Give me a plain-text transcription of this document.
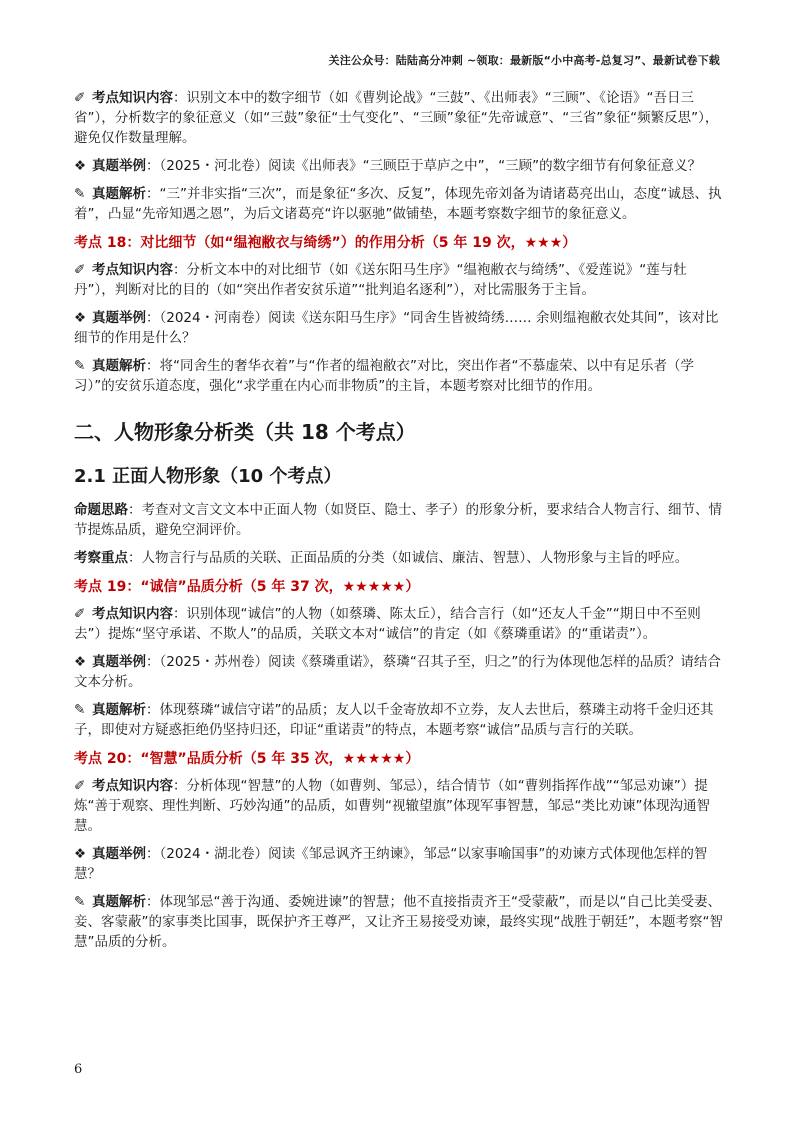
关注公众号：陆陆高分冲刺 ~领取：最新版“小中高考-总复习”、最新试卷下载

✐ 考点知识内容：识别文本中的数字细节（如《曹刿论战》“三鼓”、《出师表》“三顾”、《论语》“吾日三省”），分析数字的象征意义（如“三鼓”象征“士气变化”、“三顾”象征“先帝诚意”、“三省”象征“频繁反思”），避免仅作数量理解。

❖ 真题举例：（2025・河北卷）阅读《出师表》“三顾臣于草庐之中”，“三顾”的数字细节有何象征意义？

✎ 真题解析：“三”并非实指“三次”，而是象征“多次、反复”，体现先帝刘备为请诸葛亮出山，态度“诚恳、执着”，凸显“先帝知遇之恩”，为后文诸葛亮“许以驱驰”做铺垫，本题考察数字细节的象征意义。

考点 18：对比细节（如“缊袍敝衣与绮绣”）的作用分析（5 年 19 次，★★★）

✐ 考点知识内容：分析文本中的对比细节（如《送东阳马生序》“缊袍敝衣与绮绣”、《爱莲说》“莲与牡丹”），判断对比的目的（如“突出作者安贫乐道”“批判追名逐利”），对比需服务于主旨。

❖ 真题举例：（2024・河南卷）阅读《送东阳马生序》“同舍生皆被绮绣…… 余则缊袍敝衣处其间”，该对比细节的作用是什么？

✎ 真题解析：将“同舍生的奢华衣着”与“作者的缊袍敝衣”对比，突出作者“不慕虚荣、以中有足乐者（学习）”的安贫乐道态度，强化“求学重在内心而非物质”的主旨，本题考察对比细节的作用。

二、人物形象分析类（共 18 个考点）
2.1 正面人物形象（10 个考点）

命题思路：考查对文言文文本中正面人物（如贤臣、隐士、孝子）的形象分析，要求结合人物言行、细节、情节提炼品质，避免空洞评价。

考察重点：人物言行与品质的关联、正面品质的分类（如诚信、廉洁、智慧）、人物形象与主旨的呼应。

考点 19：“诚信”品质分析（5 年 37 次，★★★★★）

✐ 考点知识内容：识别体现“诚信”的人物（如蔡璘、陈太丘），结合言行（如“还友人千金”“期日中不至则去”）提炼“坚守承诺、不欺人”的品质，关联文本对“诚信”的肯定（如《蔡璘重诺》的“重诺责”）。

❖ 真题举例：（2025・苏州卷）阅读《蔡璘重诺》，蔡璘“召其子至，归之”的行为体现他怎样的品质？请结合文本分析。

✎ 真题解析：体现蔡璘“诚信守诺”的品质；友人以千金寄放却不立券，友人去世后，蔡璘主动将千金归还其子，即使对方疑惑拒绝仍坚持归还，印证“重诺责”的特点，本题考察“诚信”品质与言行的关联。

考点 20：“智慧”品质分析（5 年 35 次，★★★★★）

✐ 考点知识内容：分析体现“智慧”的人物（如曹刿、邹忌），结合情节（如“曹刿指挥作战”“邹忌劝谏”）提炼“善于观察、理性判断、巧妙沟通”的品质，如曹刿“视辙望旗”体现军事智慧，邹忌“类比劝谏”体现沟通智慧。

❖ 真题举例：（2024・湖北卷）阅读《邹忌讽齐王纳谏》，邹忌“以家事喻国事”的劝谏方式体现他怎样的智慧？

✎ 真题解析：体现邹忌“善于沟通、委婉进谏”的智慧；他不直接指责齐王“受蒙蔽”，而是以“自己比美受妻、妾、客蒙蔽”的家事类比国事，既保护齐王尊严，又让齐王易接受劝谏，最终实现“战胜于朝廷”，本题考察“智慧”品质的分析。

6
